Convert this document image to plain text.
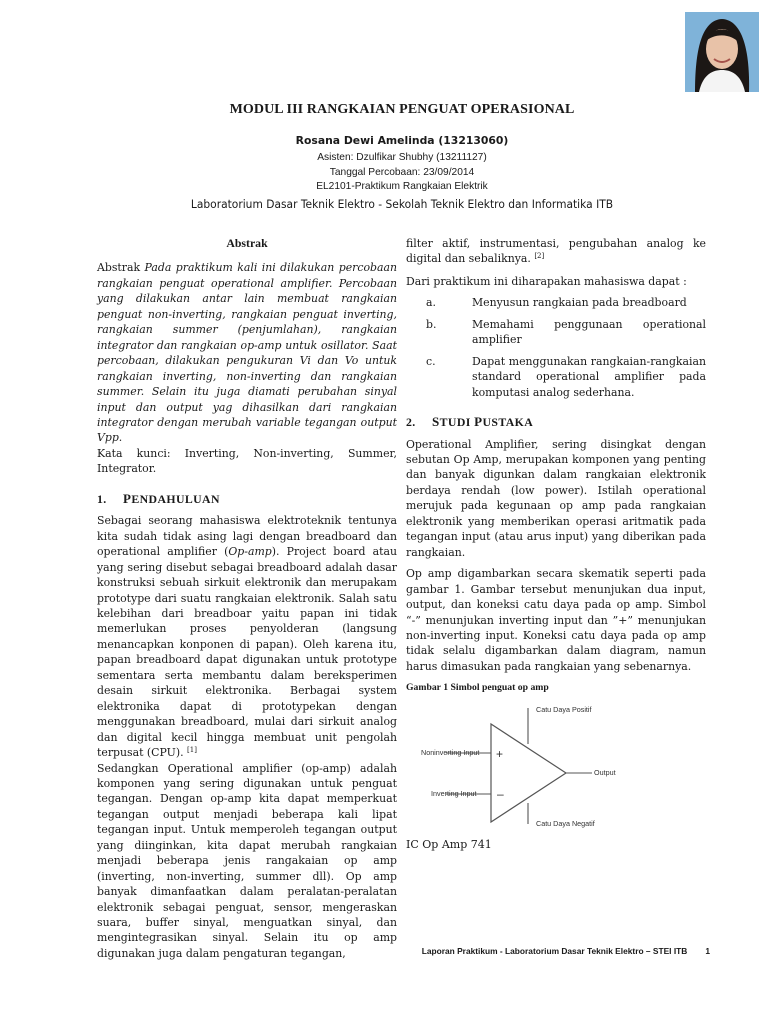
MODUL III RANGKAIAN PENGUAT OPERASIONAL
Rosana Dewi Amelinda (13213060)
Asisten: Dzulfikar Shubhy (13211127)
Tanggal Percobaan: 23/09/2014
EL2101-Praktikum Rangkaian Elektrik
Laboratorium Dasar Teknik Elektro - Sekolah Teknik Elektro dan Informatika ITB
Abstrak

Abstrak Pada praktikum kali ini dilakukan percobaan rangkaian penguat operational amplifier. Percobaan yang dilakukan antar lain membuat rangkaian penguat non-inverting, rangkaian penguat inverting, rangkaian summer (penjumlahan), rangkaian integrator dan rangkaian op-amp untuk osillator. Saat percobaan, dilakukan pengukuran Vi dan Vo untuk rangkaian inverting, non-inverting dan rangkaian summer. Selain itu juga diamati perubahan sinyal input dan output yag dihasilkan dari rangkaian integrator dengan merubah variable tegangan output Vpp.

Kata kunci: Inverting, Non-inverting, Summer, Integrator.

1. PENDAHULUAN

Sebagai seorang mahasiswa elektroteknik tentunya kita sudah tidak asing lagi dengan breadboard dan operational amplifier (Op-amp). Project board atau yang sering disebut sebagai breadboard adalah dasar konstruksi sebuah sirkuit elektronik dan merupakam prototype dari suatu rangkaian elektronik. Salah satu kelebihan dari breadboar yaitu papan ini tidak memerlukan proses penyolderan (langsung menancapkan konponen di papan). Oleh karena itu, papan breadboard dapat digunakan untuk prototype sementara serta membantu dalam bereksperimen desain sirkuit elektronika. Berbagai system elektronika dapat di prototypekan dengan menggunakan breadboard, mulai dari sirkuit analog dan digital kecil hingga membuat unit pengolah terpusat (CPU). [1]
Sedangkan Operational amplifier (op-amp) adalah komponen yang sering digunakan untuk penguat tegangan. Dengan op-amp kita dapat memperkuat tegangan output menjadi beberapa kali lipat tegangan input. Untuk memperoleh tegangan output yang diinginkan, kita dapat merubah rangkaian menjadi beberapa jenis rangakaian op amp (inverting, non-inverting, summer dll). Op amp banyak dimanfaatkan dalam peralatan-peralatan elektronik sebagai penguat, sensor, mengeraskan suara, buffer sinyal, menguatkan sinyal, dan mengintegrasikan sinyal. Selain itu op amp digunakan juga dalam pengaturan tegangan,

filter aktif, instrumentasi, pengubahan analog ke digital dan sebaliknya. [2]

Dari praktikum ini diharapakan mahasiswa dapat :

a.	Menyusun rangkaian pada breadboard
b.	Memahami penggunaan operational amplifier
c.	Dapat menggunakan rangkaian-rangkaian standard operational amplifier pada komputasi analog sederhana.
2. STUDI PUSTAKA

Operational Amplifier, sering disingkat dengan sebutan Op Amp, merupakan komponen yang penting dan banyak digunkan dalam rangkaian elektronik berdaya rendah (low power). Istilah operational merujuk pada kegunaan op amp pada rangkaian elektronik yang memberikan operasi aritmatik pada tegangan input (atau arus input) yang diberikan pada rangkaian.

Op amp digambarkan secara skematik seperti pada gambar 1. Gambar tersebut menunjukan dua input, output, dan koneksi catu daya pada op amp. Simbol “-” menunjukan inverting input dan ”+” menunjukan non-inverting input. Koneksi catu daya pada op amp tidak selalu digambarkan dalam diagram, namun harus dimasukan pada rangkaian yang sebenarnya.

Gambar 1 Simbol penguat op amp
Catu Daya Positif
Catu Daya Negatif
Noninverting Input
Inverting Input
Output
+
–
IC Op Amp 741
Laporan Praktikum - Laboratorium Dasar Teknik Elektro – STEI ITB 1
